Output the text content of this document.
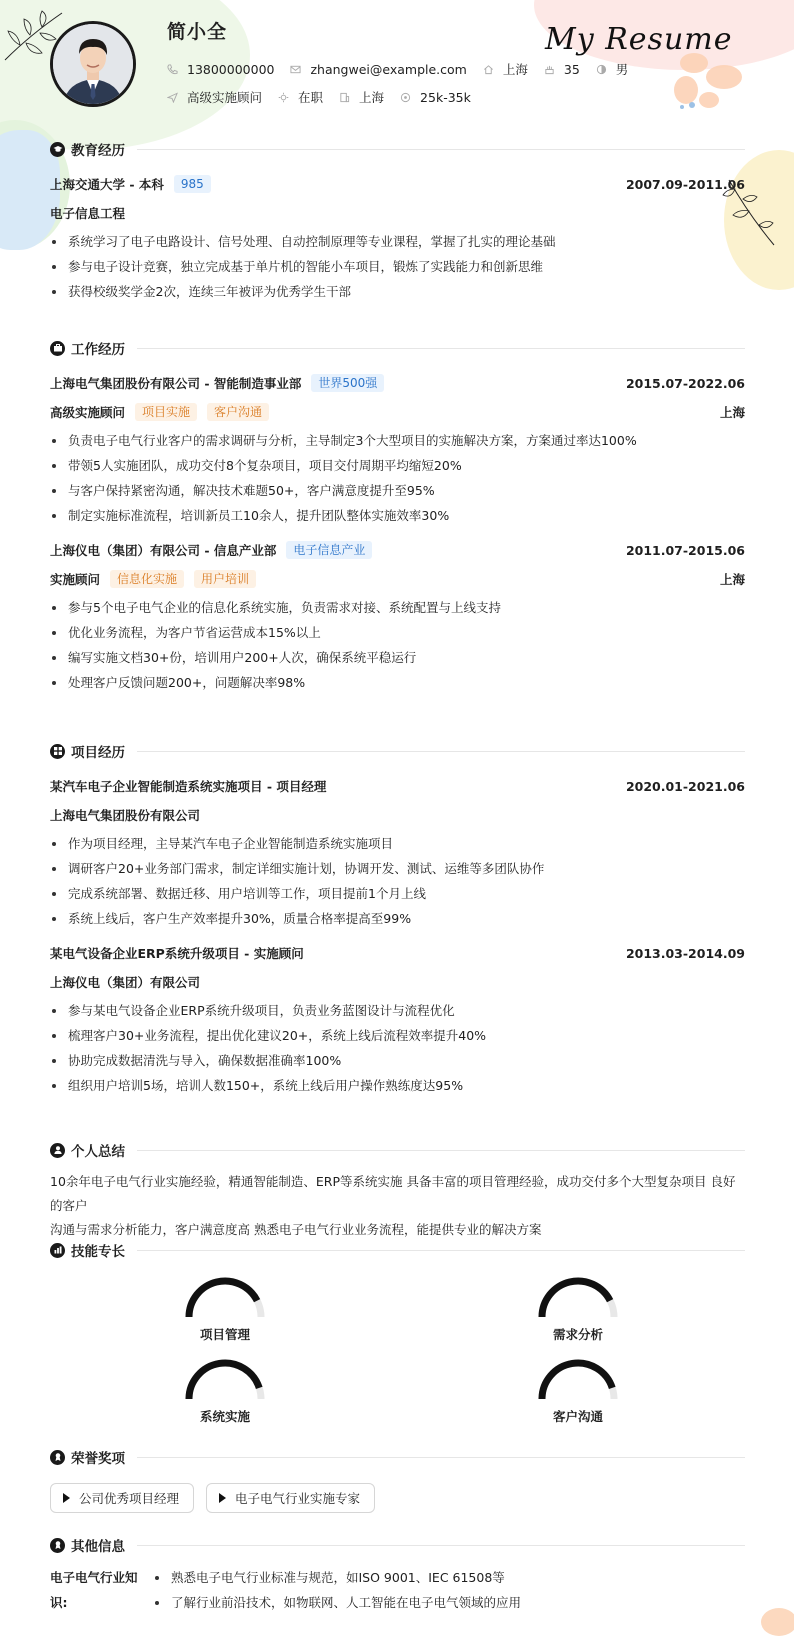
简小全	My Resume
13800000000	zhangwei@example.com	上海	35	男
高级实施顾问	在职	上海	25k-35k
教育经历
上海交通大学 - 本科	985	2007.09-2011.06
电子信息工程
系统学习了电子电路设计、信号处理、自动控制原理等专业课程，掌握了扎实的理论基础
参与电子设计竞赛，独立完成基于单片机的智能小车项目，锻炼了实践能力和创新思维
获得校级奖学金2次，连续三年被评为优秀学生干部
工作经历
上海电气集团股份有限公司 - 智能制造事业部	世界500强	2015.07-2022.06
高级实施顾问	项目实施	客户沟通	上海
负责电子电气行业客户的需求调研与分析，主导制定3个大型项目的实施解决方案，方案通过率达100%
带领5人实施团队，成功交付8个复杂项目，项目交付周期平均缩短20%
与客户保持紧密沟通，解决技术难题50+，客户满意度提升至95%
制定实施标准流程，培训新员工10余人，提升团队整体实施效率30%
上海仪电（集团）有限公司 - 信息产业部	电子信息产业	2011.07-2015.06
实施顾问	信息化实施	用户培训	上海
参与5个电子电气企业的信息化系统实施，负责需求对接、系统配置与上线支持
优化业务流程，为客户节省运营成本15%以上
编写实施文档30+份，培训用户200+人次，确保系统平稳运行
处理客户反馈问题200+，问题解决率98%
项目经历
某汽车电子企业智能制造系统实施项目 - 项目经理	2020.01-2021.06
上海电气集团股份有限公司
作为项目经理，主导某汽车电子企业智能制造系统实施项目
调研客户20+业务部门需求，制定详细实施计划，协调开发、测试、运维等多团队协作
完成系统部署、数据迁移、用户培训等工作，项目提前1个月上线
系统上线后，客户生产效率提升30%，质量合格率提高至99%
某电气设备企业ERP系统升级项目 - 实施顾问	2013.03-2014.09
上海仪电（集团）有限公司
参与某电气设备企业ERP系统升级项目，负责业务蓝图设计与流程优化
梳理客户30+业务流程，提出优化建议20+，系统上线后流程效率提升40%
协助完成数据清洗与导入，确保数据准确率100%
组织用户培训5场，培训人数150+，系统上线后用户操作熟练度达95%
个人总结
10余年电子电气行业实施经验，精通智能制造、ERP等系统实施 具备丰富的项目管理经验，成功交付多个大型复杂项目 良好的客户
沟通与需求分析能力，客户满意度高 熟悉电子电气行业业务流程，能提供专业的解决方案
技能专长
项目管理	需求分析
系统实施	客户沟通
荣誉奖项
公司优秀项目经理
	电子电气行业实施专家
其他信息
电子电气行业知识:
熟悉电子电气行业标准与规范，如ISO 9001、IEC 61508等
了解行业前沿技术，如物联网、人工智能在电子电气领域的应用
